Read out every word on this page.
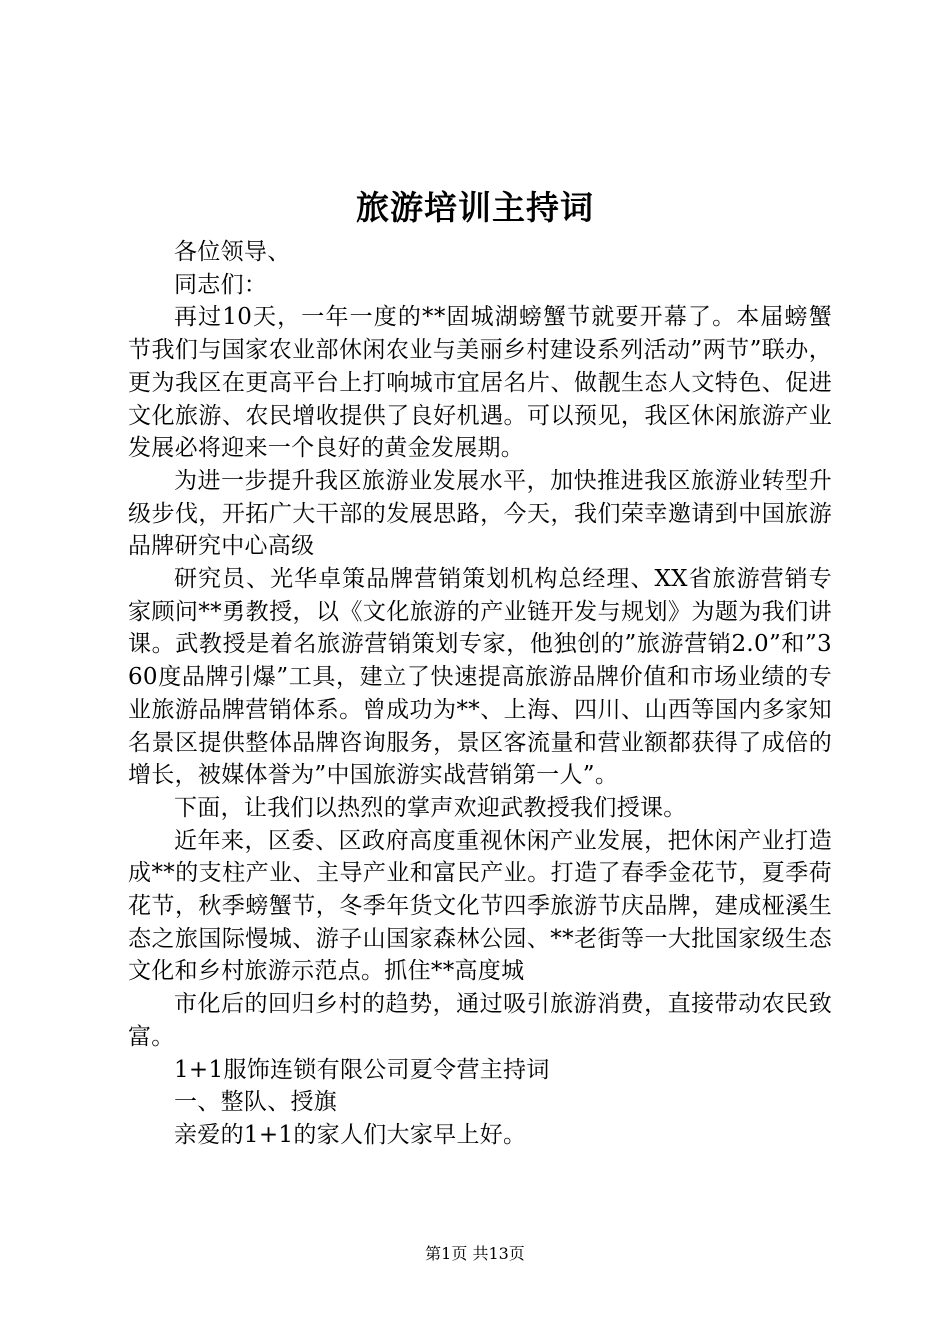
旅游培训主持词

各位领导、

同志们：

再过10天，一年一度的**固城湖螃蟹节就要开幕了。本届螃蟹节我们与国家农业部休闲农业与美丽乡村建设系列活动”两节”联办，更为我区在更高平台上打响城市宜居名片、做靓生态人文特色、促进文化旅游、农民增收提供了良好机遇。可以预见，我区休闲旅游产业发展必将迎来一个良好的黄金发展期。

为进一步提升我区旅游业发展水平，加快推进我区旅游业转型升级步伐，开拓广大干部的发展思路，今天，我们荣幸邀请到中国旅游品牌研究中心高级

研究员、光华卓策品牌营销策划机构总经理、XX省旅游营销专家顾问**勇教授，以《文化旅游的产业链开发与规划》为题为我们讲课。武教授是着名旅游营销策划专家，他独创的”旅游营销2.0”和”360度品牌引爆”工具，建立了快速提高旅游品牌价值和市场业绩的专业旅游品牌营销体系。曾成功为**、上海、四川、山西等国内多家知名景区提供整体品牌咨询服务，景区客流量和营业额都获得了成倍的增长，被媒体誉为”中国旅游实战营销第一人”。

下面，让我们以热烈的掌声欢迎武教授我们授课。

近年来，区委、区政府高度重视休闲产业发展，把休闲产业打造成**的支柱产业、主导产业和富民产业。打造了春季金花节，夏季荷花节，秋季螃蟹节，冬季年货文化节四季旅游节庆品牌，建成桠溪生态之旅国际慢城、游子山国家森林公园、**老街等一大批国家级生态文化和乡村旅游示范点。抓住**高度城

市化后的回归乡村的趋势，通过吸引旅游消费，直接带动农民致富。

1+1服饰连锁有限公司夏令营主持词

一、整队、授旗

亲爱的1+1的家人们大家早上好。

第1页 共13页
